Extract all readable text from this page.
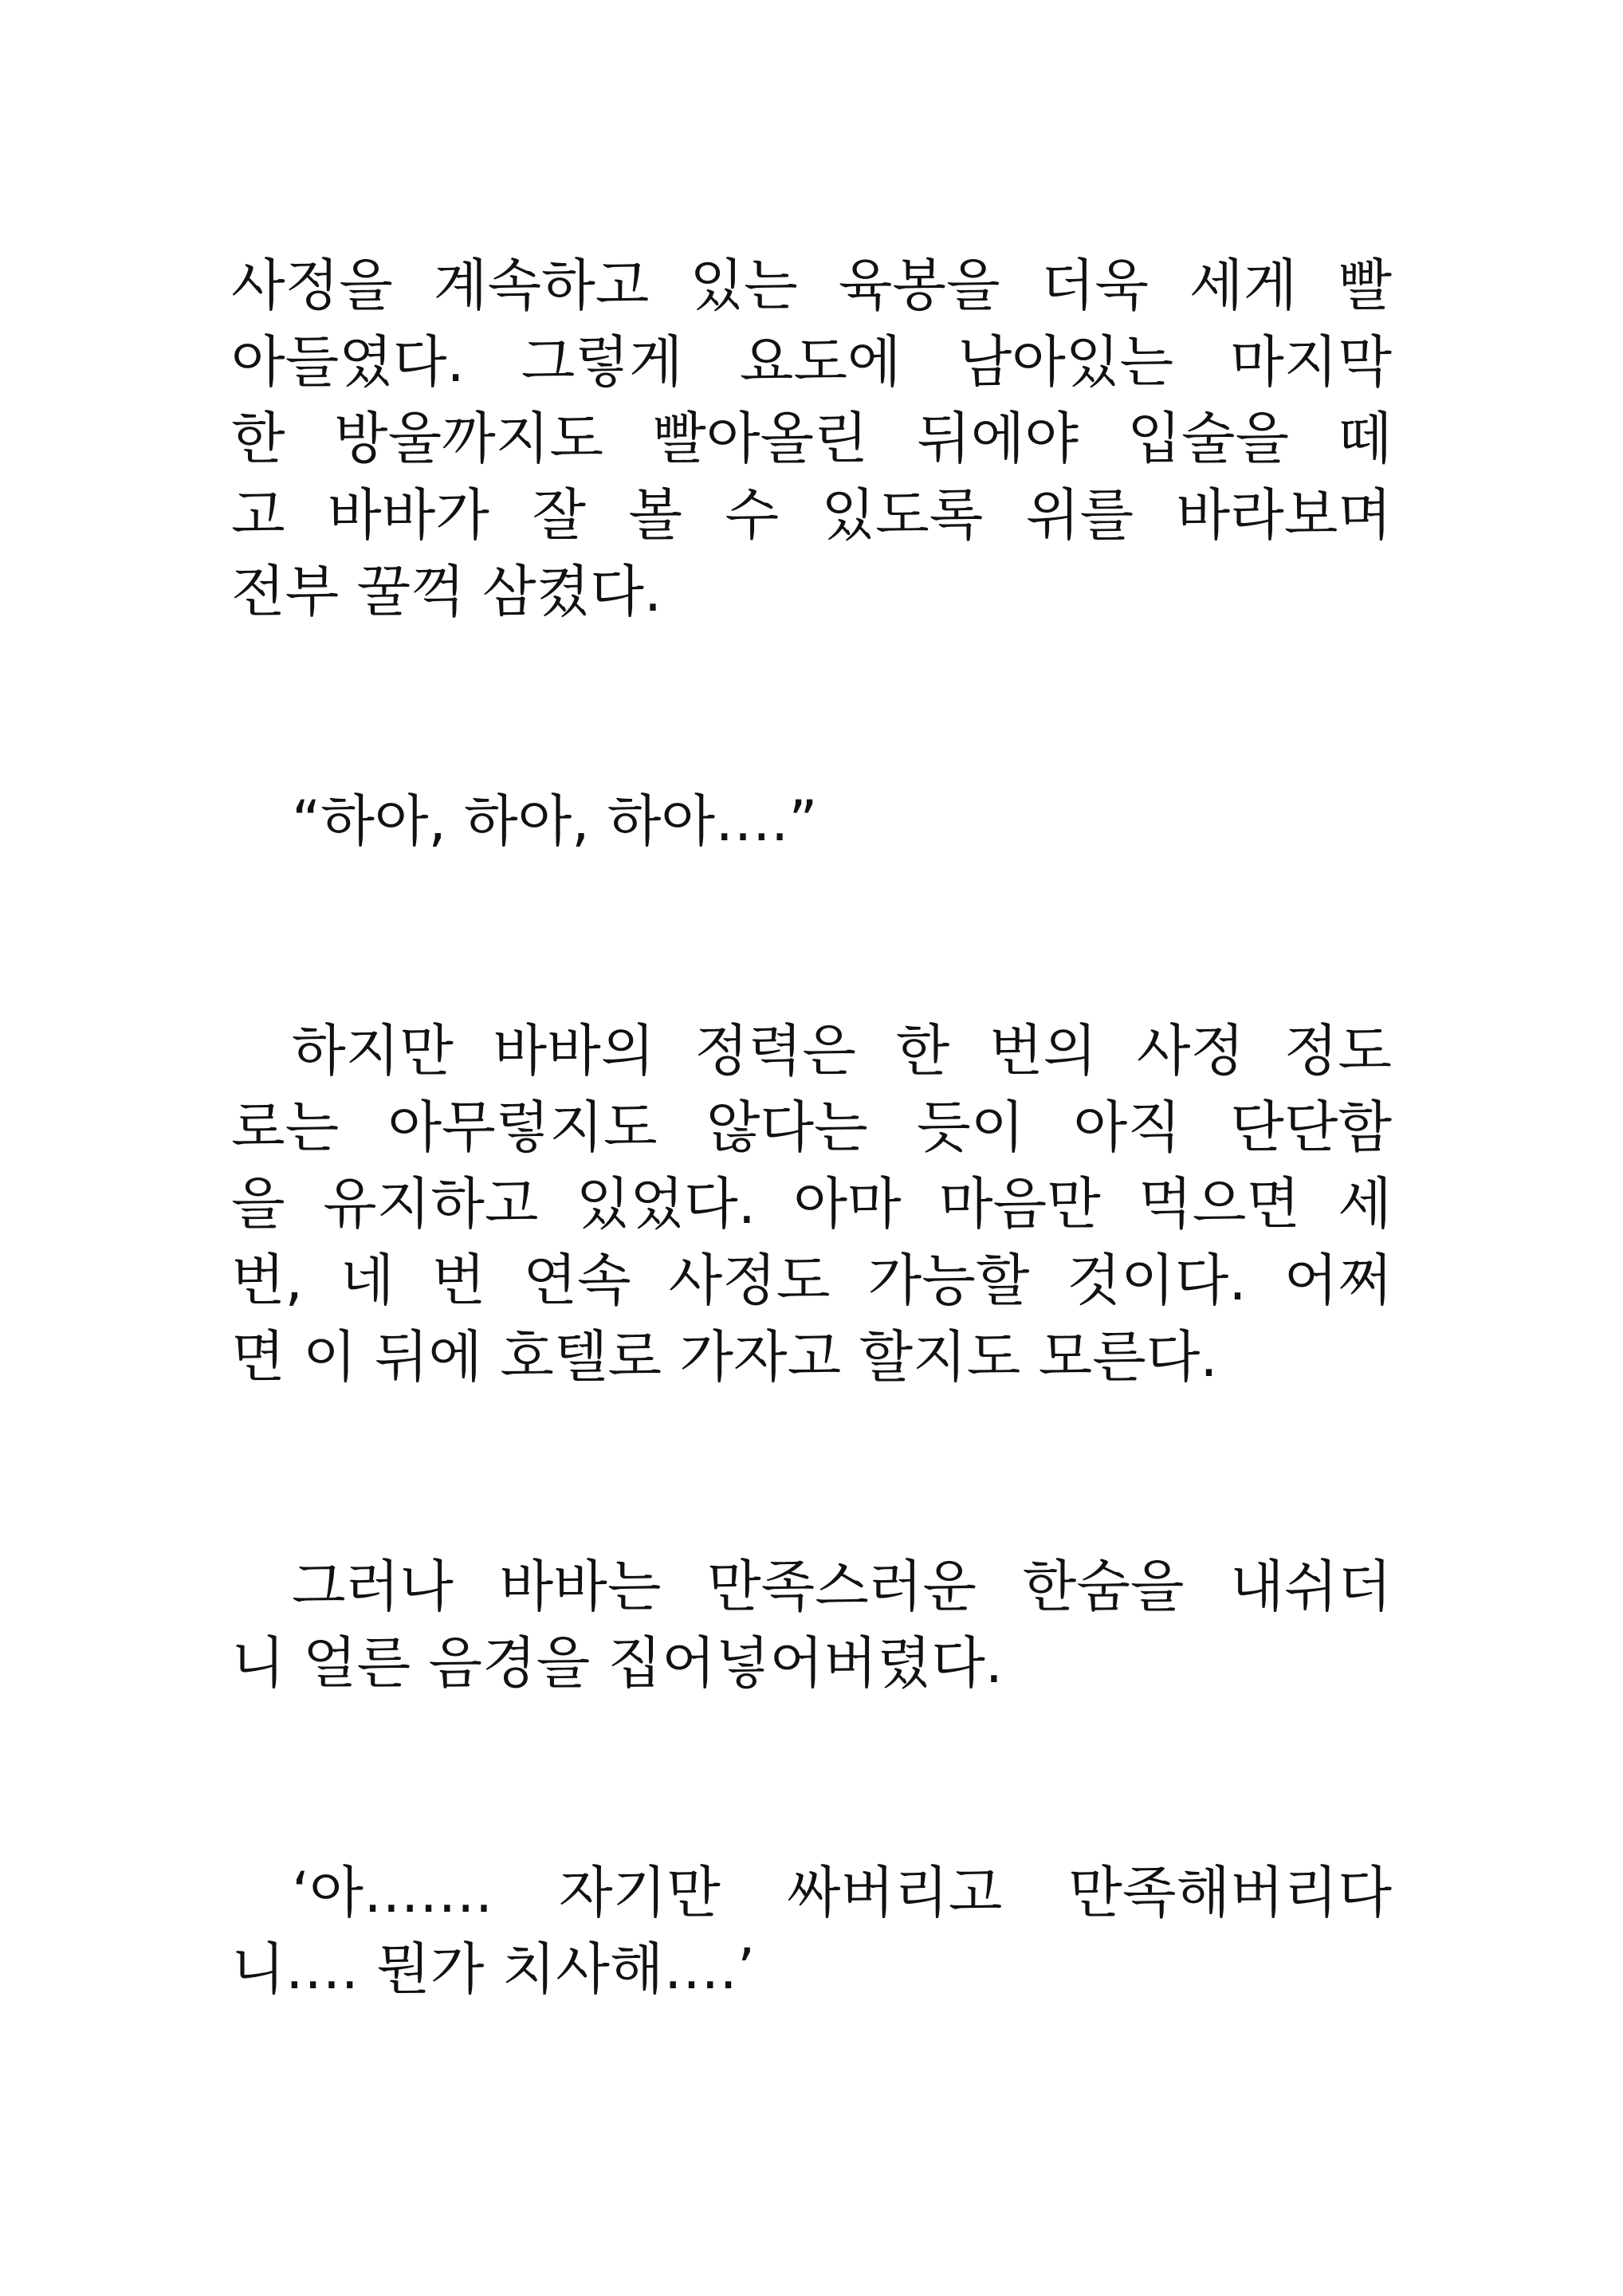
사정을 계속하고 있는 육봉을 더욱 세게 빨
아들였다. 그렇게 요도에 남아있는 마지막
한 방울까지도 빨아올린 뒤에야 입술을 떼
고 바바가 잘 볼 수 있도록 위를 바라보며
전부 꿀꺽 삼켰다.
“하아, 하아, 하아….”
하지만 바바의 정력은 한 번의 사정 정도
로는 아무렇지도 않다는 듯이 아직 단단함
을 유지하고 있었다. 아마 마음만 먹으면 세
번, 네 번 연속 사정도 가능할 것이다. 어쩌
면 이 뒤에 호텔로 가자고 할지도 모른다.
그러나 바바는 만족스러운 한숨을 내쉬더
니 얼른 음경을 집어넣어버렸다.
‘아……. 자기만 싸버리고 만족해버리다
니…. 뭔가 치사해….’
